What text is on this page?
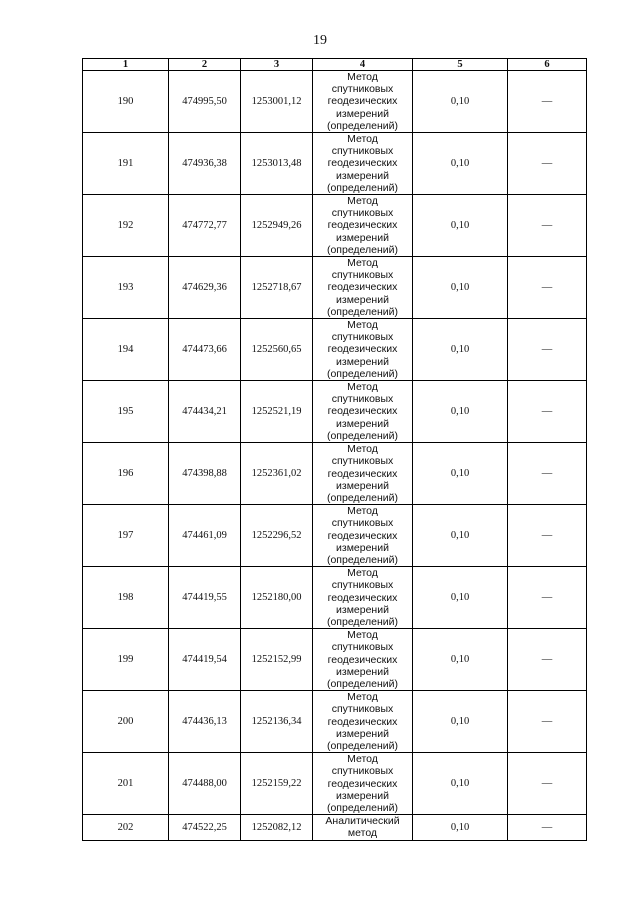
19
1	2	3	4	5	6
190	474995,50	1253001,12	Метод
спутниковых
геодезических
измерений
(определений)	0,10	—
191	474936,38	1253013,48	Метод
спутниковых
геодезических
измерений
(определений)	0,10	—
192	474772,77	1252949,26	Метод
спутниковых
геодезических
измерений
(определений)	0,10	—
193	474629,36	1252718,67	Метод
спутниковых
геодезических
измерений
(определений)	0,10	—
194	474473,66	1252560,65	Метод
спутниковых
геодезических
измерений
(определений)	0,10	—
195	474434,21	1252521,19	Метод
спутниковых
геодезических
измерений
(определений)	0,10	—
196	474398,88	1252361,02	Метод
спутниковых
геодезических
измерений
(определений)	0,10	—
197	474461,09	1252296,52	Метод
спутниковых
геодезических
измерений
(определений)	0,10	—
198	474419,55	1252180,00	Метод
спутниковых
геодезических
измерений
(определений)	0,10	—
199	474419,54	1252152,99	Метод
спутниковых
геодезических
измерений
(определений)	0,10	—
200	474436,13	1252136,34	Метод
спутниковых
геодезических
измерений
(определений)	0,10	—
201	474488,00	1252159,22	Метод
спутниковых
геодезических
измерений
(определений)	0,10	—
202	474522,25	1252082,12	Аналитический
метод	0,10	—
